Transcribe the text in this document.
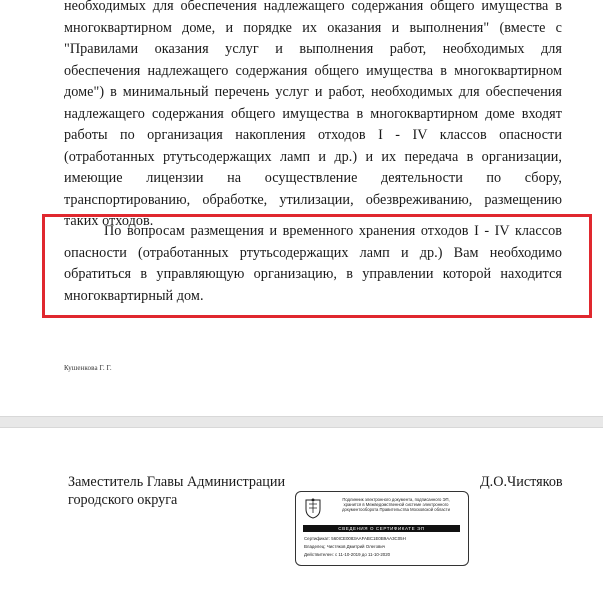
необходимых для обеспечения надлежащего содержания общего имущества в
многоквартирном доме, и порядке их оказания и выполнения" (вместе с
"Правилами оказания услуг и выполнения работ, необходимых для
обеспечения надлежащего содержания общего имущества в многоквартирном
доме") в минимальный перечень услуг и работ, необходимых для обеспечения
надлежащего содержания общего имущества в многоквартирном доме входят
работы по организация накопления отходов I - IV классов опасности
(отработанных ртутьсодержащих ламп и др.) и их передача в организации,
имеющие лицензии на осуществление деятельности по сбору,
транспортированию, обработке, утилизации, обезвреживанию, размещению
таких отходов.
По вопросам размещения и временного хранения отходов I - IV классов
опасности (отработанных ртутьсодержащих ламп и др.) Вам необходимо
обратиться в управляющую организацию, в управлении которой находится
многоквартирный дом.
Кушенкова Г. Г.
Заместитель Главы Администрации
городского округа
Д.О.Чистяков
Подлинник электронного документа, подписанного ЭП,
хранится в Межведомственной системе электронного
документооборота Правительства Московской области
СВЕДЕНИЯ О СЕРТИФИКАТЕ ЭП
Сертификат: 560ICE0083AAFABC1E0B9AA3C05H
Владелец: Чистяков Дмитрий Олегович
Действителен: с 11-10-2019 до 11-10-2020
